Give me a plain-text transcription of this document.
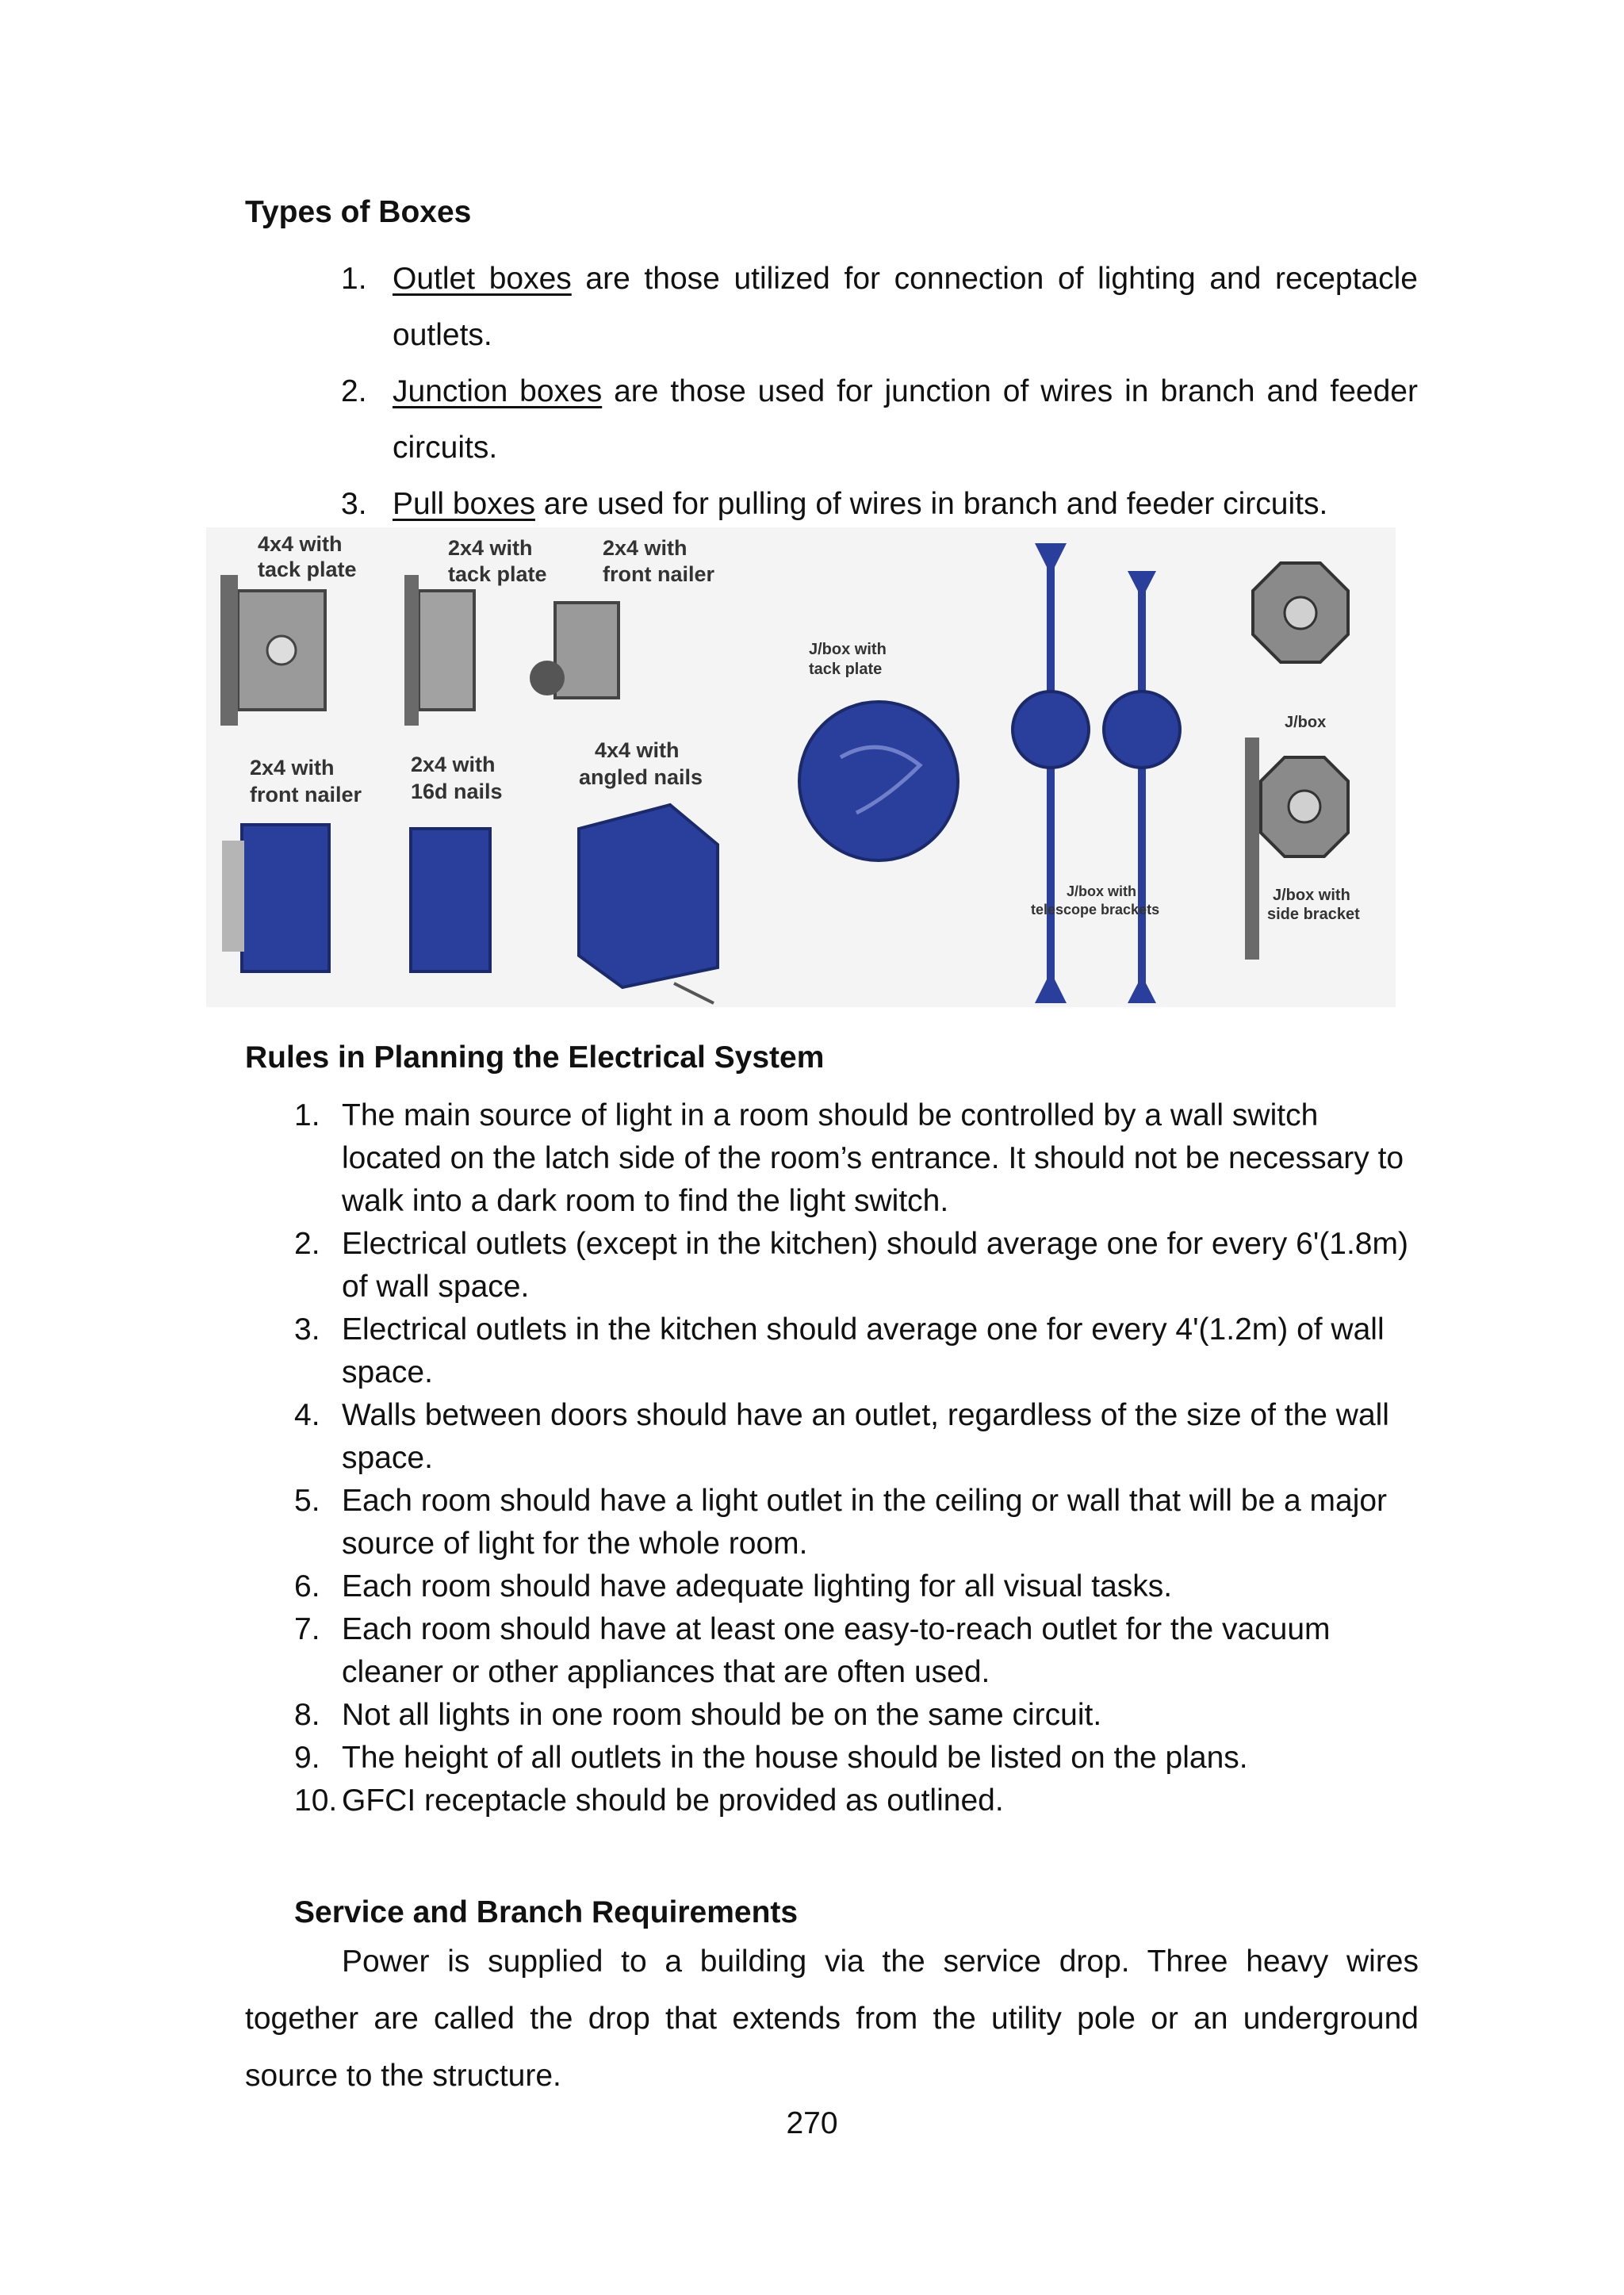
Types of Boxes
1. Outlet boxes are those utilized for connection of lighting and receptacle outlets.
2. Junction boxes are those used for junction of wires in branch and feeder circuits.
3. Pull boxes are used for pulling of wires in branch and feeder circuits.
4x4 with
tack plate
2x4 with
tack plate
2x4 with
front nailer
2x4 with
front nailer
2x4 with
16d nails
4x4 with
angled nails
J/box with
tack plate
J/box with
telescope brackets
J/box
J/box with
side bracket
Rules in Planning the Electrical System
1. The main source of light in a room should be controlled by a wall switch located on the latch side of the room’s entrance. It should not be necessary to walk into a dark room to find the light switch.
2. Electrical outlets (except in the kitchen) should average one for every 6'(1.8m) of wall space.
3. Electrical outlets in the kitchen should average one for every 4'(1.2m) of wall space.
4. Walls between doors should have an outlet, regardless of the size of the wall space.
5. Each room should have a light outlet in the ceiling or wall that will be a major source of light for the whole room.
6. Each room should have adequate lighting for all visual tasks.
7. Each room should have at least one easy-to-reach outlet for the vacuum cleaner or other appliances that are often used.
8. Not all lights in one room should be on the same circuit.
9. The height of all outlets in the house should be listed on the plans.
10. GFCI receptacle should be provided as outlined.
Service and Branch Requirements

Power is supplied to a building via the service drop. Three heavy wires together are called the drop that extends from the utility pole or an underground source to the structure.

270
